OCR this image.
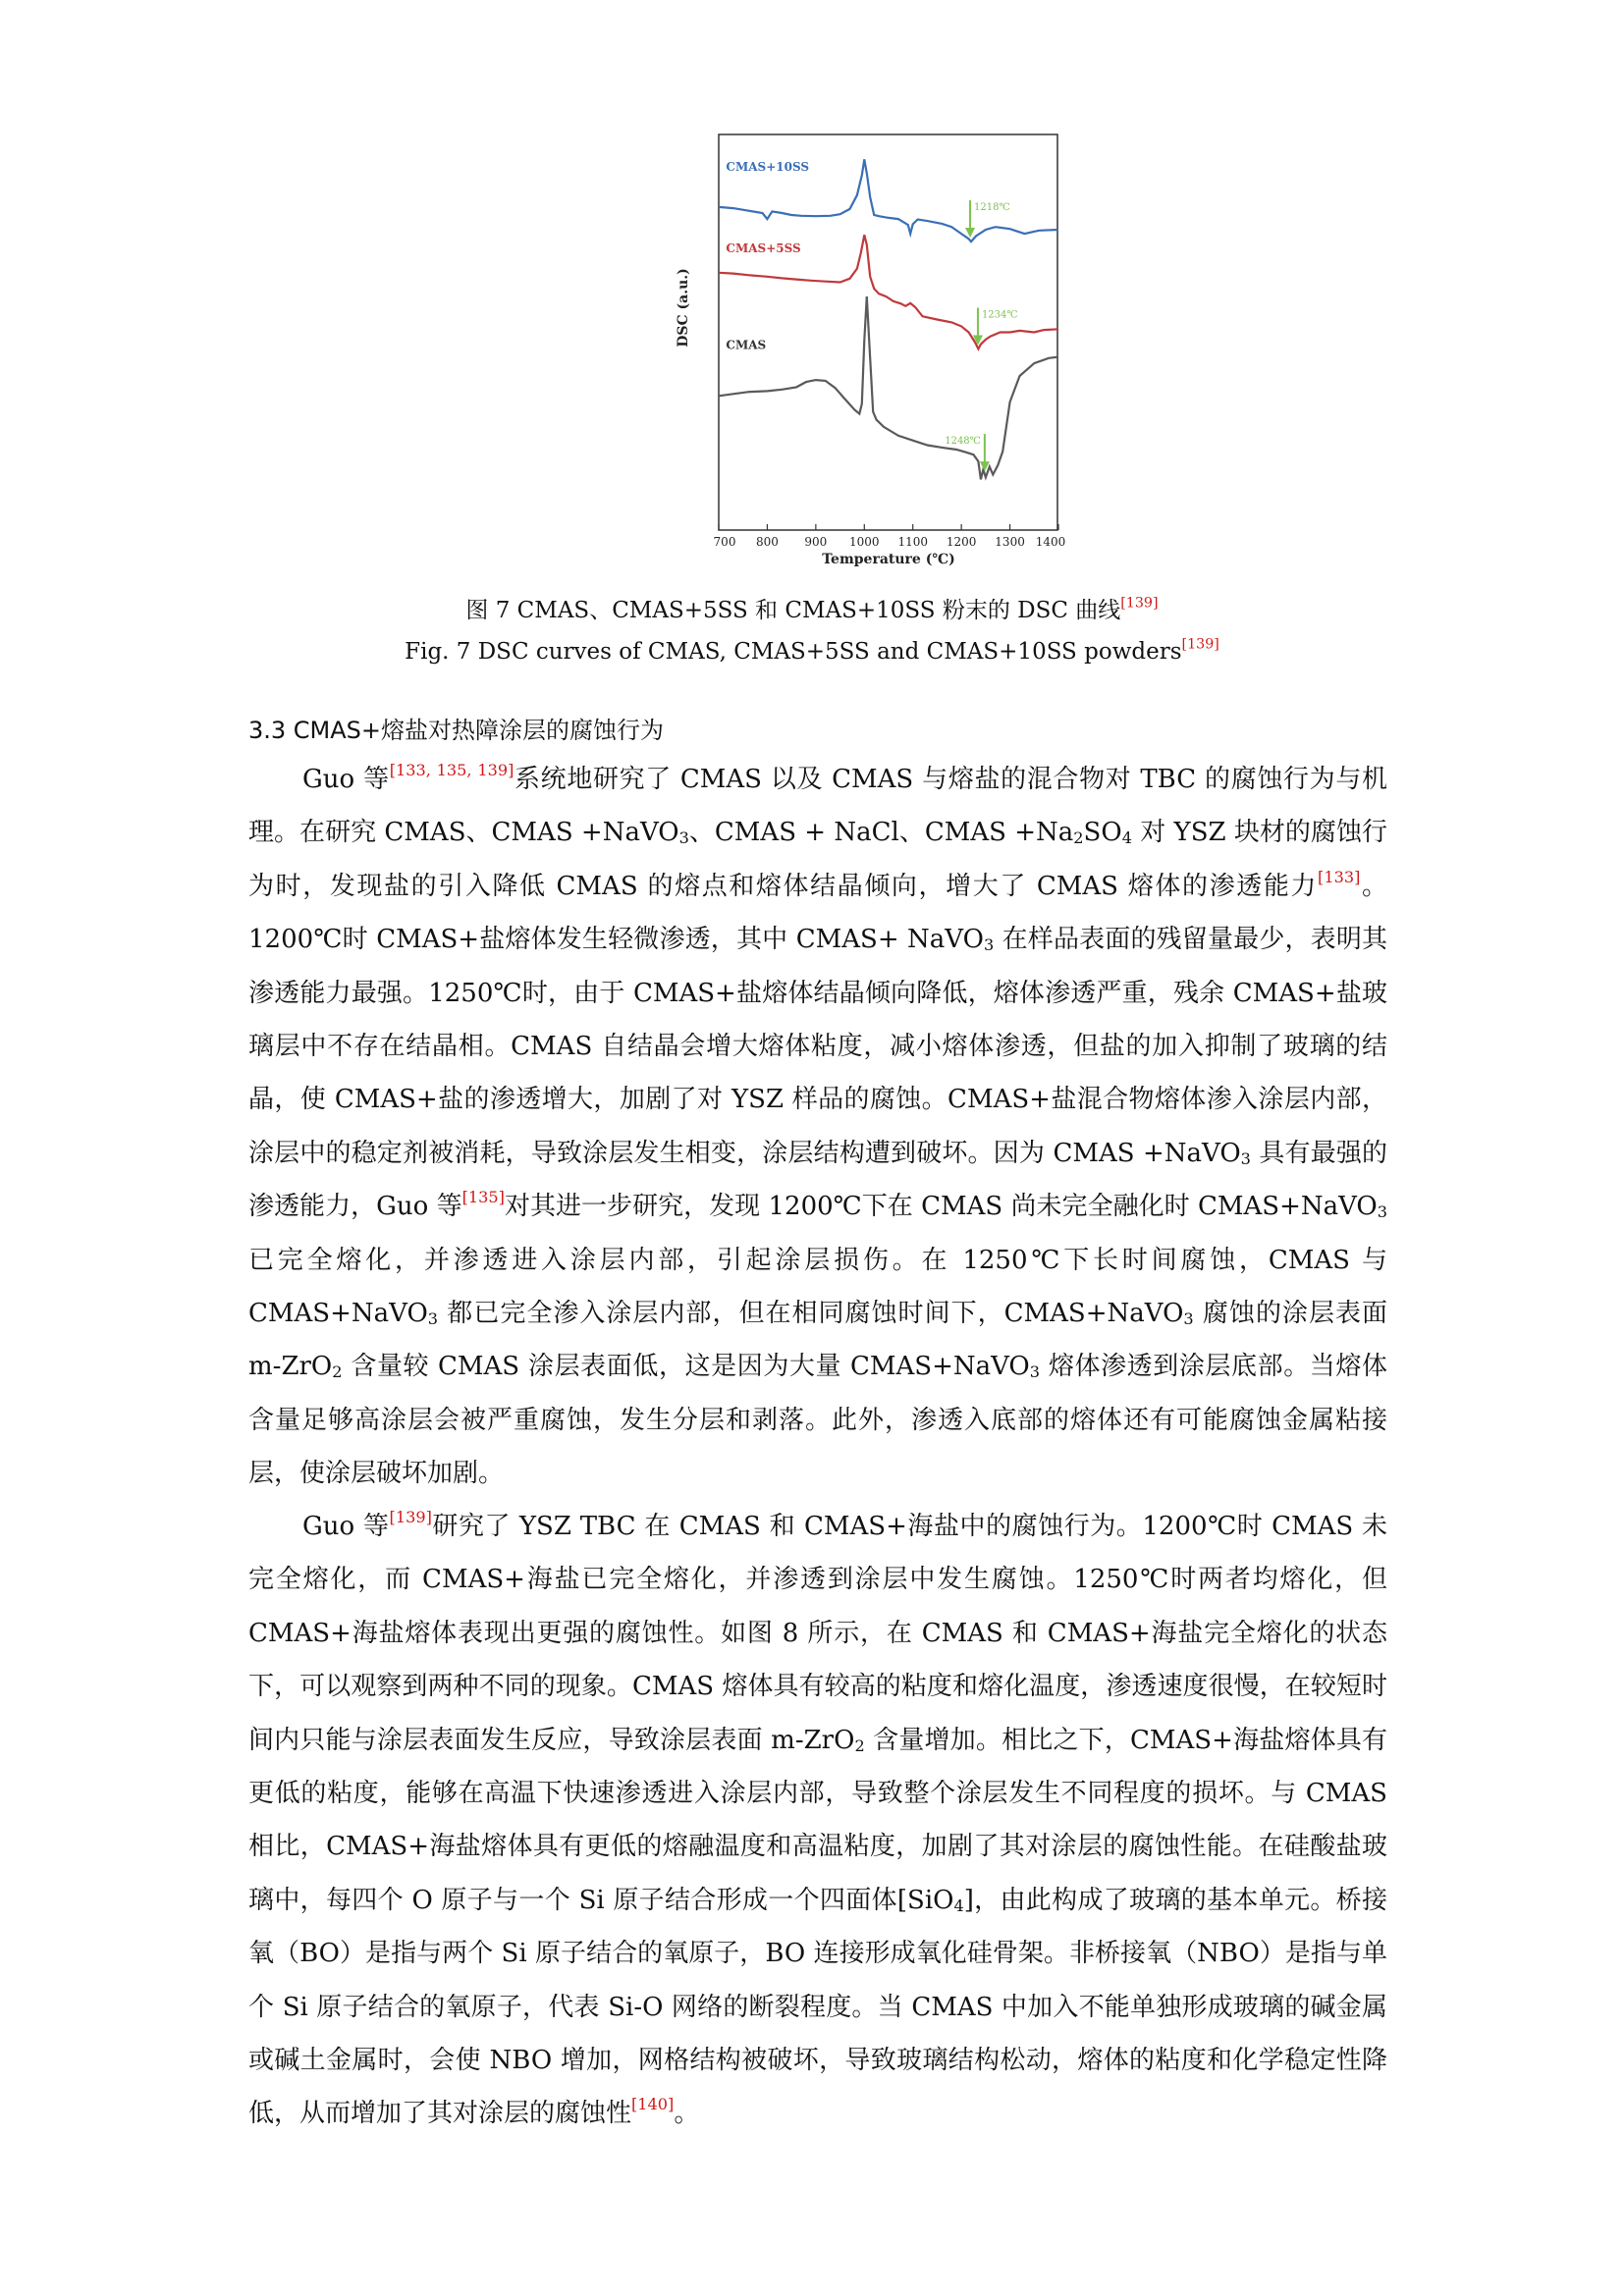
700 800 900 1000 1100 1200 1300 1400
CMAS+10SS
CMAS+5SS
CMAS
1218℃
1234℃
1248℃
Temperature (℃)
DSC (a.u.)
图 7 CMAS、CMAS+5SS 和 CMAS+10SS 粉末的 DSC 曲线[139]
Fig. 7 DSC curves of CMAS, CMAS+5SS and CMAS+10SS powders[139]
3.3 CMAS+熔盐对热障涂层的腐蚀行为

Guo 等[133, 135, 139]系统地研究了 CMAS 以及 CMAS 与熔盐的混合物对 TBC 的腐蚀行为与机理。在研究 CMAS、CMAS +NaVO$_3$、CMAS + NaCl、CMAS $+Na_2SO_4$ 对 YSZ 块材的腐蚀行为时，发现盐的引入降低 CMAS 的熔点和熔体结晶倾向，增大了 CMAS 熔体的渗透能力[133]。1200℃时 CMAS+盐熔体发生轻微渗透，其中 CMAS+ NaVO$_3$ 在样品表面的残留量最少，表明其渗透能力最强。1250℃时，由于 CMAS+盐熔体结晶倾向降低，熔体渗透严重，残余 CMAS+盐玻璃层中不存在结晶相。CMAS 自结晶会增大熔体粘度，减小熔体渗透，但盐的加入抑制了玻璃的结晶，使 CMAS+盐的渗透增大，加剧了对 YSZ 样品的腐蚀。CMAS+盐混合物熔体渗入涂层内部，涂层中的稳定剂被消耗，导致涂层发生相变，涂层结构遭到破坏。因为 CMAS +NaVO$_3$ 具有最强的渗透能力，Guo 等[135]对其进一步研究，发现 1200℃下在 CMAS 尚未完全融化时 CMAS+NaVO$_3$ 已完全熔化，并渗透进入涂层内部，引起涂层损伤。在 1250℃下长时间腐蚀，CMAS 与 CMAS+NaVO$_3$ 都已完全渗入涂层内部，但在相同腐蚀时间下，CMAS+NaVO$_3$ 腐蚀的涂层表面 m-ZrO$_2$ 含量较 CMAS 涂层表面低，这是因为大量 CMAS+NaVO$_3$ 熔体渗透到涂层底部。当熔体含量足够高涂层会被严重腐蚀，发生分层和剥落。此外，渗透入底部的熔体还有可能腐蚀金属粘接层，使涂层破坏加剧。

Guo 等[139]研究了 YSZ TBC 在 CMAS 和 CMAS+海盐中的腐蚀行为。1200℃时 CMAS 未完全熔化，而 CMAS+海盐已完全熔化，并渗透到涂层中发生腐蚀。1250℃时两者均熔化，但 CMAS+海盐熔体表现出更强的腐蚀性。如图 8 所示，在 CMAS 和 CMAS+海盐完全熔化的状态下，可以观察到两种不同的现象。CMAS 熔体具有较高的粘度和熔化温度，渗透速度很慢，在较短时间内只能与涂层表面发生反应，导致涂层表面 m-ZrO$_2$ 含量增加。相比之下，CMAS+海盐熔体具有更低的粘度，能够在高温下快速渗透进入涂层内部，导致整个涂层发生不同程度的损坏。与 CMAS 相比，CMAS+海盐熔体具有更低的熔融温度和高温粘度，加剧了其对涂层的腐蚀性能。在硅酸盐玻璃中，每四个 O 原子与一个 Si 原子结合形成一个四面体[SiO$_4$]，由此构成了玻璃的基本单元。桥接氧（BO）是指与两个 Si 原子结合的氧原子，BO 连接形成氧化硅骨架。非桥接氧（NBO）是指与单个 Si 原子结合的氧原子，代表 Si-O 网络的断裂程度。当 CMAS 中加入不能单独形成玻璃的碱金属或碱土金属时，会使 NBO 增加，网格结构被破坏，导致玻璃结构松动，熔体的粘度和化学稳定性降低，从而增加了其对涂层的腐蚀性[140]。
